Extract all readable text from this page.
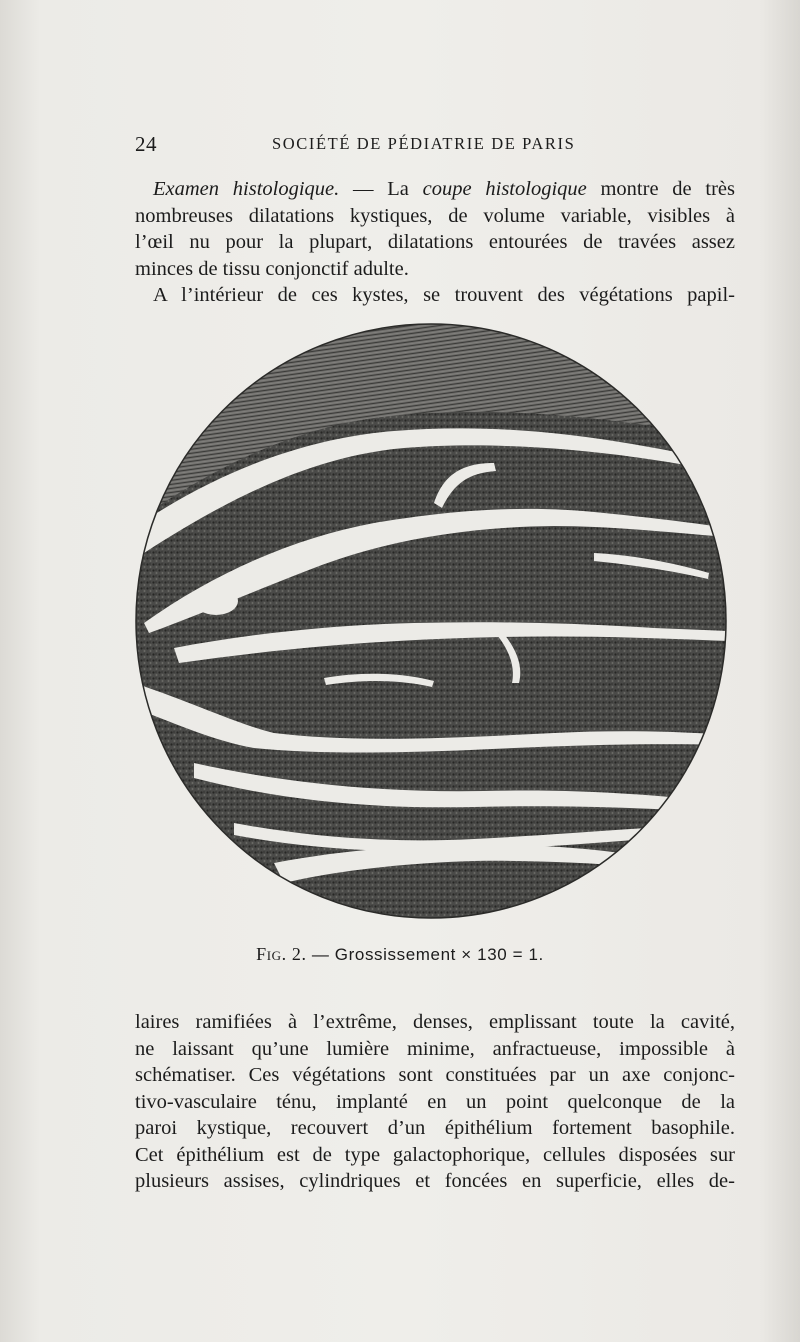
24	SOCIÉTÉ DE PÉDIATRIE DE PARIS
Examen histologique. — La coupe histologique montre de très
nombreuses dilatations kystiques, de volume variable, visibles à
l’œil nu pour la plupart, dilatations entourées de travées assez
minces de tissu conjonctif adulte.
A l’intérieur de ces kystes, se trouvent des végétations papil-
Fig. 2. — Grossissement × 130 = 1.
laires ramifiées à l’extrême, denses, emplissant toute la cavité,
ne laissant qu’une lumière minime, anfractueuse, impossible à
schématiser. Ces végétations sont constituées par un axe conjonc-
tivo-vasculaire ténu, implanté en un point quelconque de la
paroi kystique, recouvert d’un épithélium fortement basophile.
Cet épithélium est de type galactophorique, cellules disposées sur
plusieurs assises, cylindriques et foncées en superficie, elles de-
